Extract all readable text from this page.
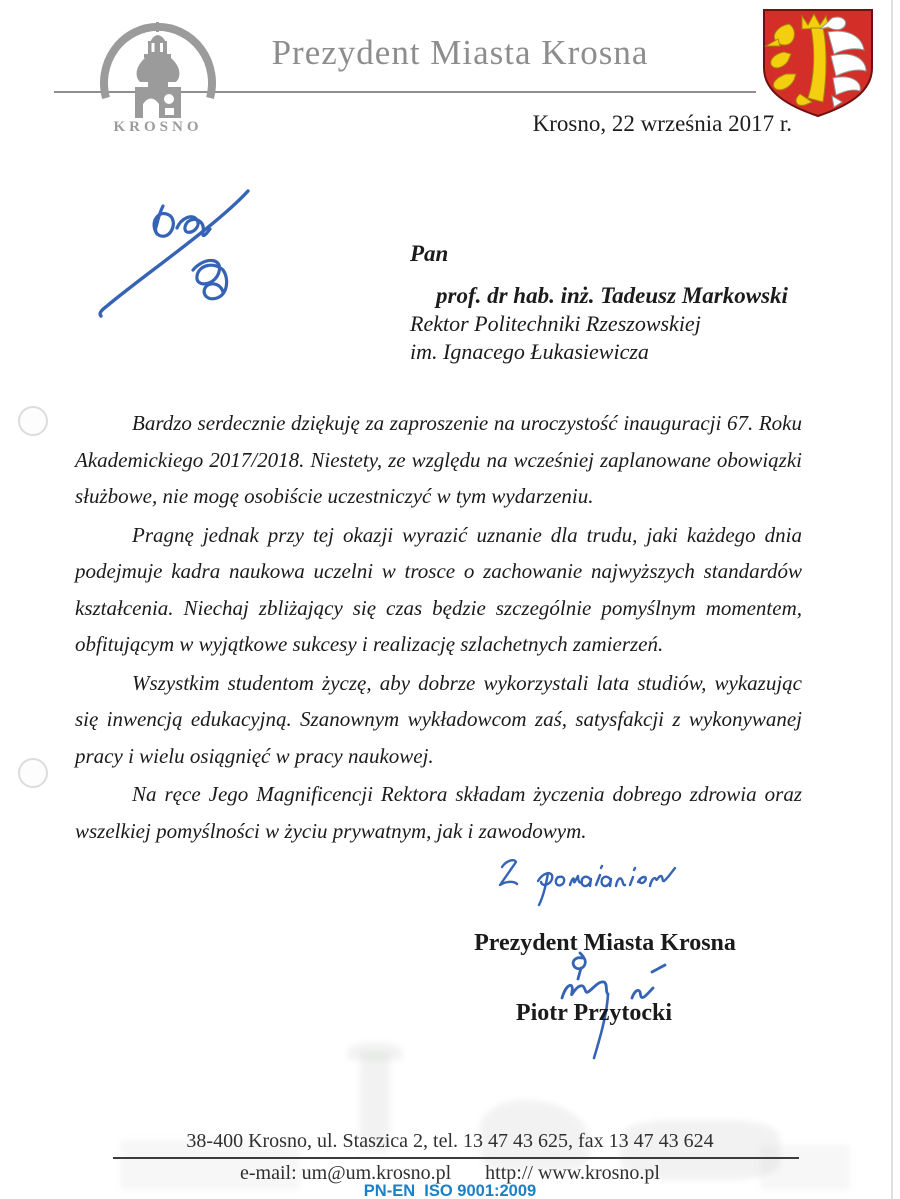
KROSNO
Prezydent Miasta Krosna
Krosno, 22 września 2017 r.

Pan

prof. dr hab. inż. Tadeusz Markowski

Rektor Politechniki Rzeszowskiej

im. Ignacego Łukasiewicza

Bardzo serdecznie dziękuję za zaproszenie na uroczystość inauguracji 67. Roku Akademickiego 2017/2018. Niestety, ze względu na wcześniej zaplanowane obowiązki służbowe, nie mogę osobiście uczestniczyć w tym wydarzeniu.

Pragnę jednak przy tej okazji wyrazić uznanie dla trudu, jaki każdego dnia podejmuje kadra naukowa uczelni w trosce o zachowanie najwyższych standardów kształcenia. Niechaj zbliżający się czas będzie szczególnie pomyślnym momentem, obfitującym w wyjątkowe sukcesy i realizację szlachetnych zamierzeń.

Wszystkim studentom życzę, aby dobrze wykorzystali lata studiów, wykazując się inwencją edukacyjną. Szanownym wykładowcom zaś, satysfakcji z wykonywanej pracy i wielu osiągnięć w pracy naukowej.

Na ręce Jego Magnificencji Rektora składam życzenia dobrego zdrowia oraz wszelkiej pomyślności w życiu prywatnym, jak i zawodowym.

Prezydent Miasta Krosna
Piotr Przytocki
38-400 Krosno, ul. Staszica 2, tel. 13 47 43 625, fax 13 47 43 624
e-mail: um@um.krosno.pl http:// www.krosno.pl
PN-EN  ISO 9001:2009
